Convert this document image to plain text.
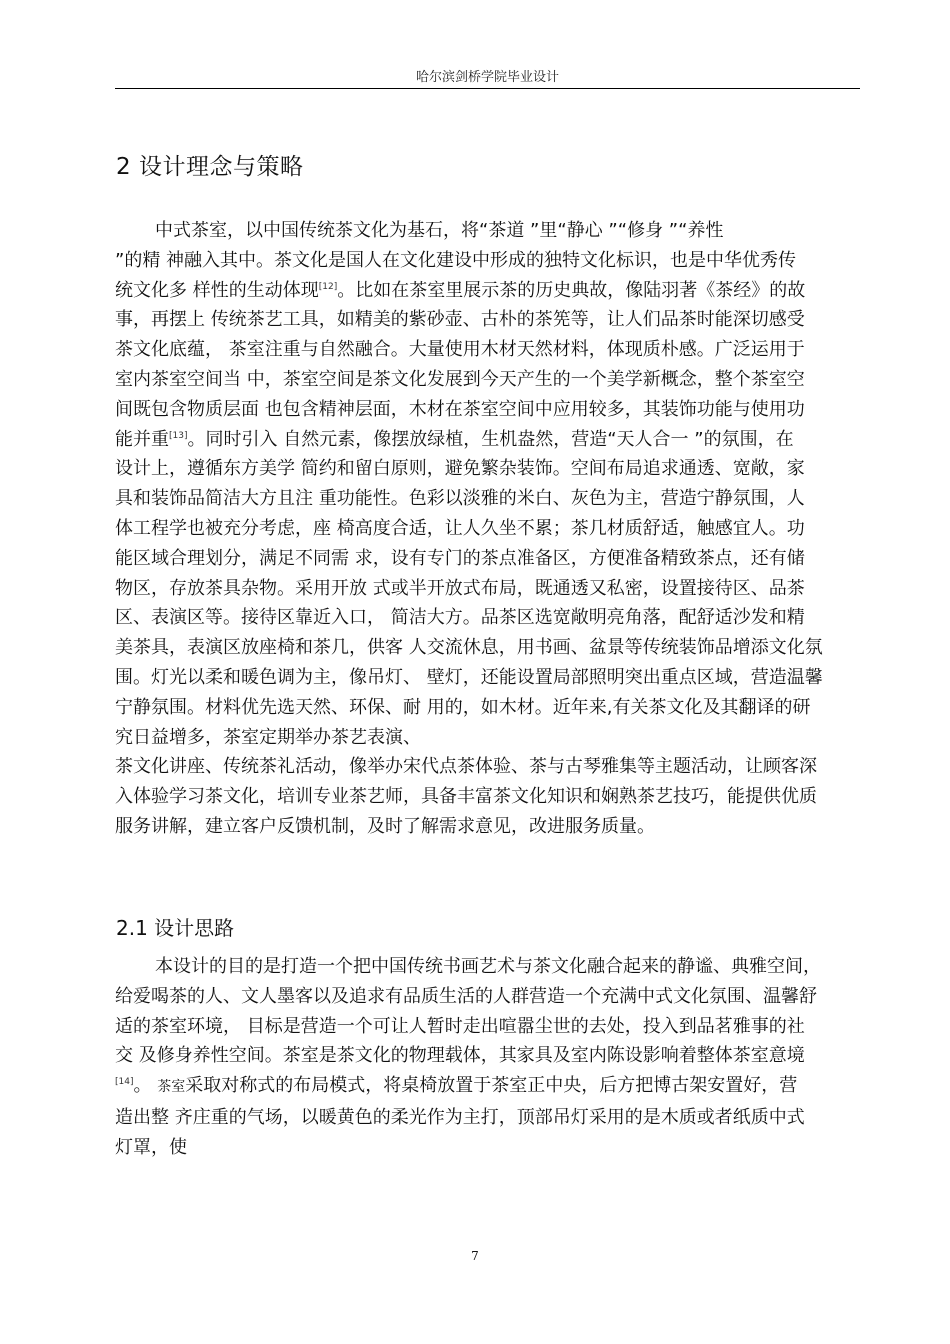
哈尔滨剑桥学院毕业设计
2 设计理念与策略
中式茶室，以中国传统茶文化为基石，将“茶道 ”里“静心 ”“修身 ”“养性
”的精 神融入其中。茶文化是国人在文化建设中形成的独特文化标识，也是中华优秀传
统文化多 样性的生动体现[12]。比如在茶室里展示茶的历史典故，像陆羽著《茶经》的故
事，再摆上 传统茶艺工具，如精美的紫砂壶、古朴的茶筅等，让人们品茶时能深切感受
茶文化底蕴， 茶室注重与自然融合。大量使用木材天然材料，体现质朴感。广泛运用于
室内茶室空间当 中，茶室空间是茶文化发展到今天产生的一个美学新概念，整个茶室空
间既包含物质层面 也包含精神层面，木材在茶室空间中应用较多，其装饰功能与使用功
能并重[13]。同时引入 自然元素，像摆放绿植，生机盎然，营造“天人合一 ”的氛围，在
设计上，遵循东方美学 简约和留白原则，避免繁杂装饰。空间布局追求通透、宽敞，家
具和装饰品简洁大方且注 重功能性。色彩以淡雅的米白、灰色为主，营造宁静氛围，人
体工程学也被充分考虑，座 椅高度合适，让人久坐不累；茶几材质舒适，触感宜人。功
能区域合理划分，满足不同需 求，设有专门的茶点准备区，方便准备精致茶点，还有储
物区，存放茶具杂物。采用开放 式或半开放式布局，既通透又私密，设置接待区、品茶
区、表演区等。接待区靠近入口， 简洁大方。品茶区选宽敞明亮角落，配舒适沙发和精
美茶具，表演区放座椅和茶几，供客 人交流休息，用书画、盆景等传统装饰品增添文化氛
围。灯光以柔和暖色调为主，像吊灯、 壁灯，还能设置局部照明突出重点区域，营造温馨
宁静氛围。材料优先选天然、环保、耐 用的，如木材。近年来,有关茶文化及其翻译的研
究日益增多，茶室定期举办茶艺表演、
茶文化讲座、传统茶礼活动，像举办宋代点茶体验、茶与古琴雅集等主题活动，让顾客深
入体验学习茶文化，培训专业茶艺师，具备丰富茶文化知识和娴熟茶艺技巧，能提供优质
服务讲解，建立客户反馈机制，及时了解需求意见，改进服务质量。
2.1 设计思路
本设计的目的是打造一个把中国传统书画艺术与茶文化融合起来的静谧、典雅空间，
给爱喝茶的人、文人墨客以及追求有品质生活的人群营造一个充满中式文化氛围、温馨舒
适的茶室环境， 目标是营造一个可让人暂时走出喧嚣尘世的去处，投入到品茗雅事的社
交 及修身养性空间。茶室是茶文化的物理载体，其家具及室内陈设影响着整体茶室意境
[14]。 茶室采取对称式的布局模式，将桌椅放置于茶室正中央，后方把博古架安置好，营
造出整 齐庄重的气场，以暖黄色的柔光作为主打，顶部吊灯采用的是木质或者纸质中式
灯罩，使
7
